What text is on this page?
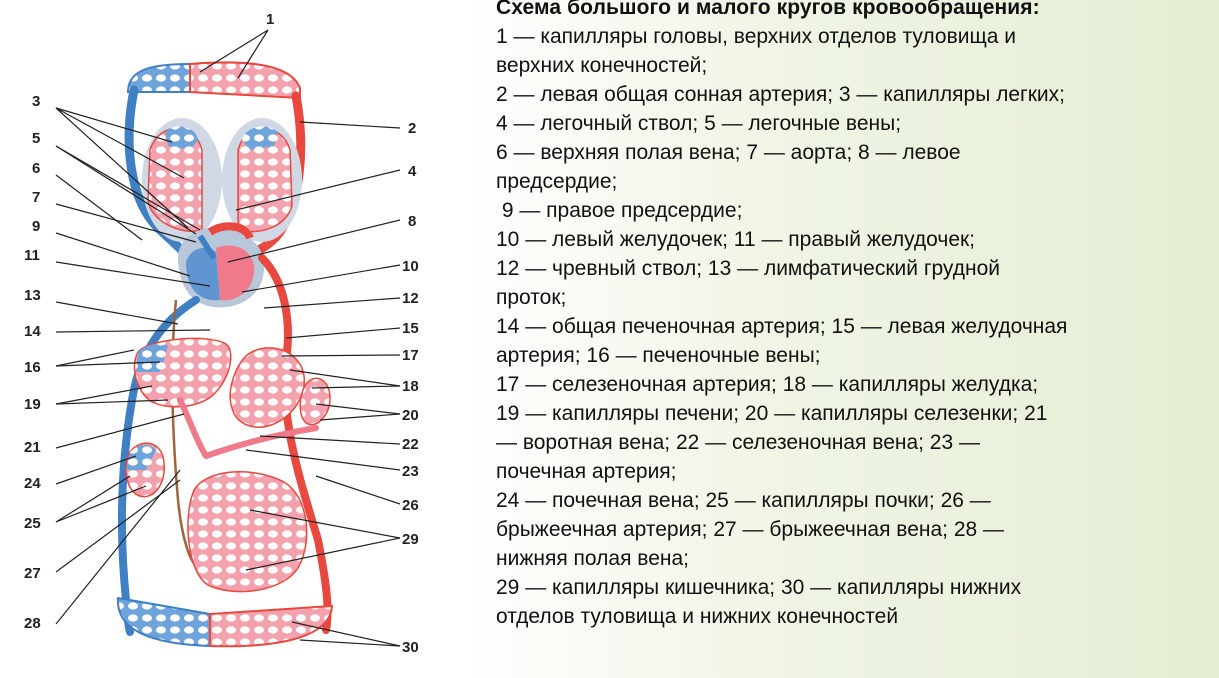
1
2
4
8
10
12
15
17
18
20
22
23
26
29
30
3
5
6
7
9
11
13
14
16
19
21
24
25
27
28
Схема большого и малого кругов кровообращения:
1 — капилляры головы, верхних отделов туловища и
верхних конечностей;
2 — левая общая сонная артерия; 3 — капилляры легких;
4 — легочный ствол; 5 — легочные вены;
6 — верхняя полая вена; 7 — аорта; 8 — левое
предсердие;
9 — правое предсердие;
10 — левый желудочек; 11 — правый желудочек;
12 — чревный ствол; 13 — лимфатический грудной
проток;
14 — общая печеночная артерия; 15 — левая желудочная
артерия; 16 — печеночные вены;
17 — селезеночная артерия; 18 — капилляры желудка;
19 — капилляры печени; 20 — капилляры селезенки; 21
— воротная вена; 22 — селезеночная вена; 23 —
почечная артерия;
24 — почечная вена; 25 — капилляры почки; 26 —
брыжеечная артерия; 27 — брыжеечная вена; 28 —
нижняя полая вена;
29 — капилляры кишечника; 30 — капилляры нижних
отделов туловища и нижних конечностей
